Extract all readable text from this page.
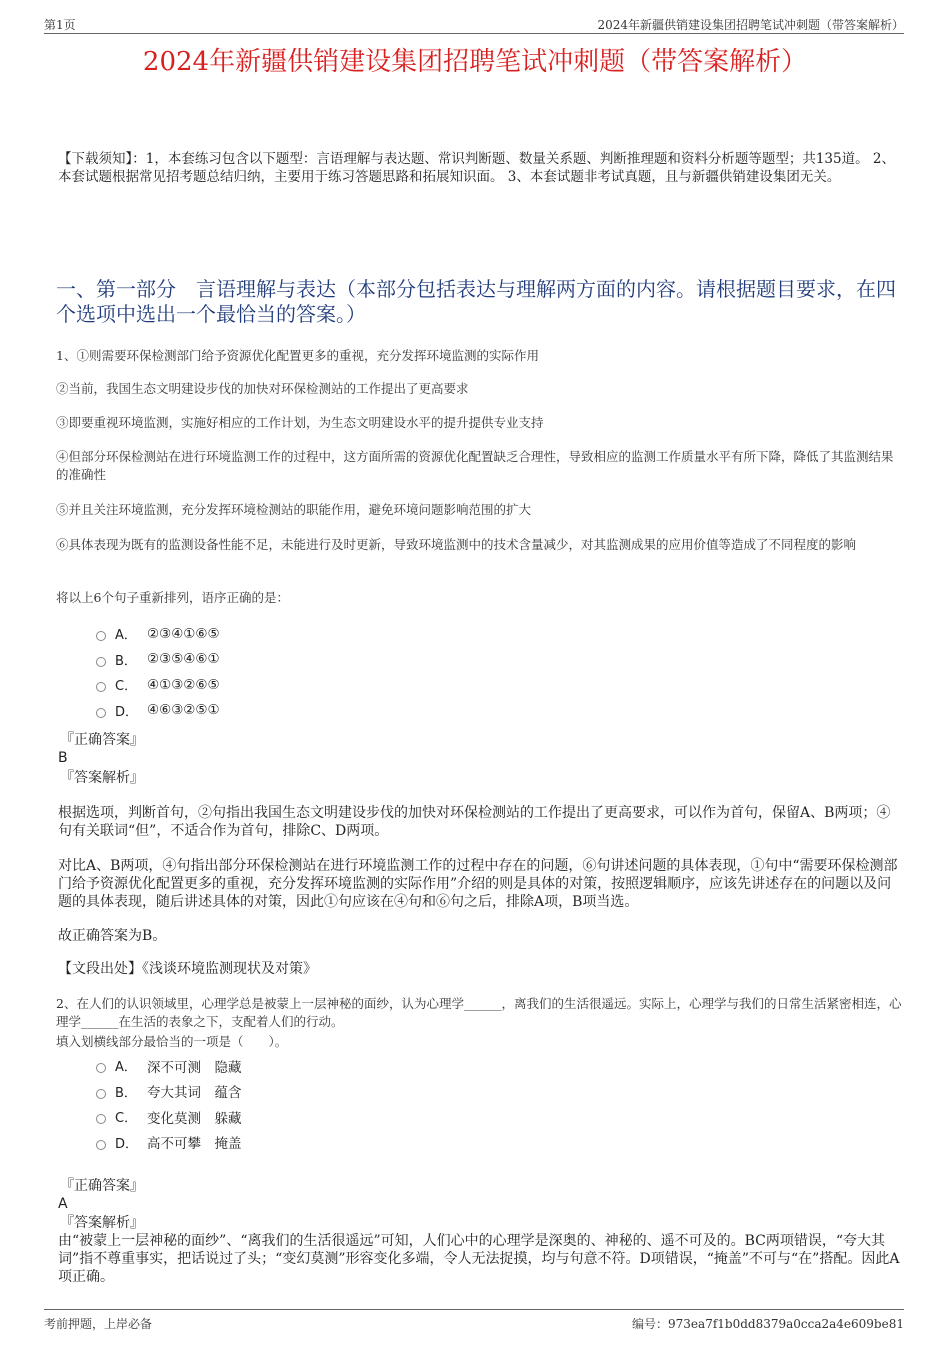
第1页	2024年新疆供销建设集团招聘笔试冲刺题（带答案解析）
2024年新疆供销建设集团招聘笔试冲刺题（带答案解析）
【下载须知】：1，本套练习包含以下题型：言语理解与表达题、常识判断题、数量关系题、判断推理题和资料分析题等题型；共135道。 2、本套试题根据常见招考题总结归纳，主要用于练习答题思路和拓展知识面。 3、本套试题非考试真题，且与新疆供销建设集团无关。
一、第一部分　言语理解与表达（本部分包括表达与理解两方面的内容。请根据题目要求，在四个选项中选出一个最恰当的答案。）
1、①则需要环保检测部门给予资源优化配置更多的重视，充分发挥环境监测的实际作用
②当前，我国生态文明建设步伐的加快对环保检测站的工作提出了更高要求
③即要重视环境监测，实施好相应的工作计划，为生态文明建设水平的提升提供专业支持
④但部分环保检测站在进行环境监测工作的过程中，这方面所需的资源优化配置缺乏合理性，导致相应的监测工作质量水平有所下降，降低了其监测结果的准确性
⑤并且关注环境监测，充分发挥环境检测站的职能作用，避免环境问题影响范围的扩大
⑥具体表现为既有的监测设备性能不足，未能进行及时更新，导致环境监测中的技术含量减少，对其监测成果的应用价值等造成了不同程度的影响
将以上6个句子重新排列，语序正确的是：
A． ②③④①⑥⑤
B． ②③⑤④⑥①
C． ④①③②⑥⑤
D． ④⑥③②⑤①
『正确答案』
B
『答案解析』
根据选项，判断首句，②句指出我国生态文明建设步伐的加快对环保检测站的工作提出了更高要求，可以作为首句，保留A、B两项；④句有关联词“但”，不适合作为首句，排除C、D两项。
对比A、B两项，④句指出部分环保检测站在进行环境监测工作的过程中存在的问题，⑥句讲述问题的具体表现，①句中“需要环保检测部门给予资源优化配置更多的重视，充分发挥环境监测的实际作用”介绍的则是具体的对策，按照逻辑顺序，应该先讲述存在的问题以及问题的具体表现，随后讲述具体的对策，因此①句应该在④句和⑥句之后，排除A项，B项当选。
故正确答案为B。
【文段出处】《浅谈环境监测现状及对策》
2、在人们的认识领域里，心理学总是被蒙上一层神秘的面纱，认为心理学______，离我们的生活很遥远。实际上，心理学与我们的日常生活紧密相连，心理学______在生活的表象之下，支配着人们的行动。
填入划横线部分最恰当的一项是（　　）。
A． 深不可测　隐藏
B． 夸大其词　蕴含
C． 变化莫测　躲藏
D． 高不可攀　掩盖
『正确答案』
A
『答案解析』
由“被蒙上一层神秘的面纱”、“离我们的生活很遥远”可知，人们心中的心理学是深奥的、神秘的、遥不可及的。BC两项错误，“夸大其词”指不尊重事实，把话说过了头；“变幻莫测”形容变化多端，令人无法捉摸，均与句意不符。D项错误，“掩盖”不可与“在”搭配。因此A项正确。
考前押题，上岸必备	编号：973ea7f1b0dd8379a0cca2a4e609be81
